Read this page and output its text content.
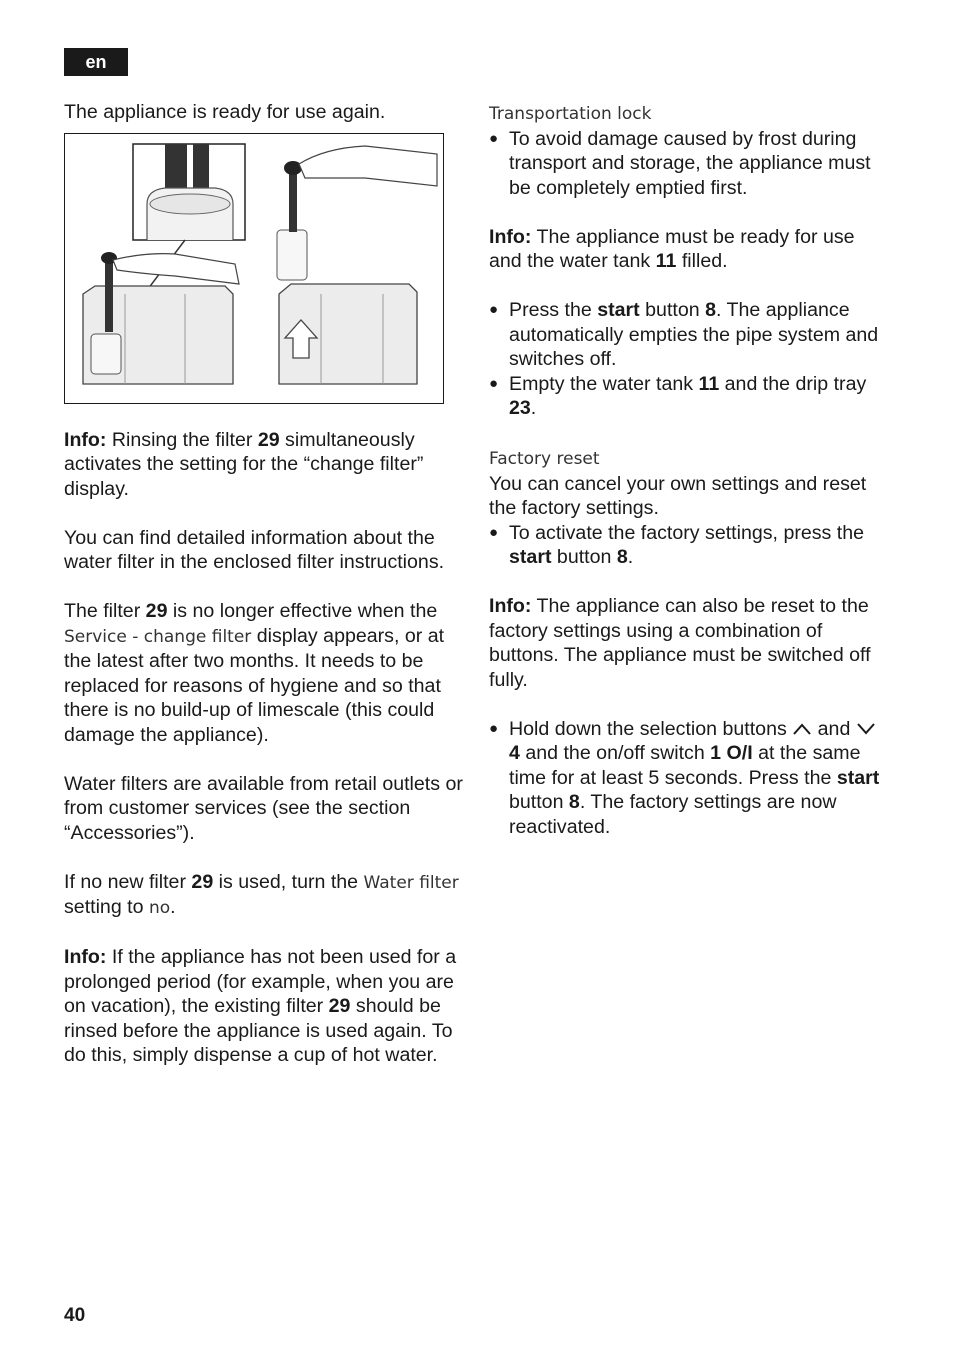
en

The appliance is ready for use again.

Info: Rinsing the filter 29 simultaneously activates the setting for the “change filter” display.

You can find detailed information about the water filter in the enclosed filter instructions.

The filter 29 is no longer effective when the Service - change filter display appears, or at the latest after two months. It needs to be replaced for reasons of hygiene and so that there is no build-up of limescale (this could damage the appliance).

Water filters are available from retail outlets or from customer services (see the section “Accessories”).

If no new filter 29 is used, turn the Water filter setting to no.

Info: If the appliance has not been used for a prolonged period (for example, when you are on vacation), the existing filter 29 should be rinsed before the appliance is used again. To do this, simply dispense a cup of hot water.

Transportation lock
● To avoid damage caused by frost during transport and storage, the appliance must be completely emptied first.

Info: The appliance must be ready for use and the water tank 11 filled.

● Press the start button 8. The appliance automatically empties the pipe system and switches off.
● Empty the water tank 11 and the drip tray 23.
Factory reset

You can cancel your own settings and reset the factory settings.

● To activate the factory settings, press the start button 8.

Info: The appliance can also be reset to the factory settings using a combination of buttons. The appliance must be switched off fully.

● Hold down the selection buttons  and  4 and the on/off switch 1 O/I at the same time for at least 5 seconds. Press the start button 8. The factory settings are now reactivated.
40
